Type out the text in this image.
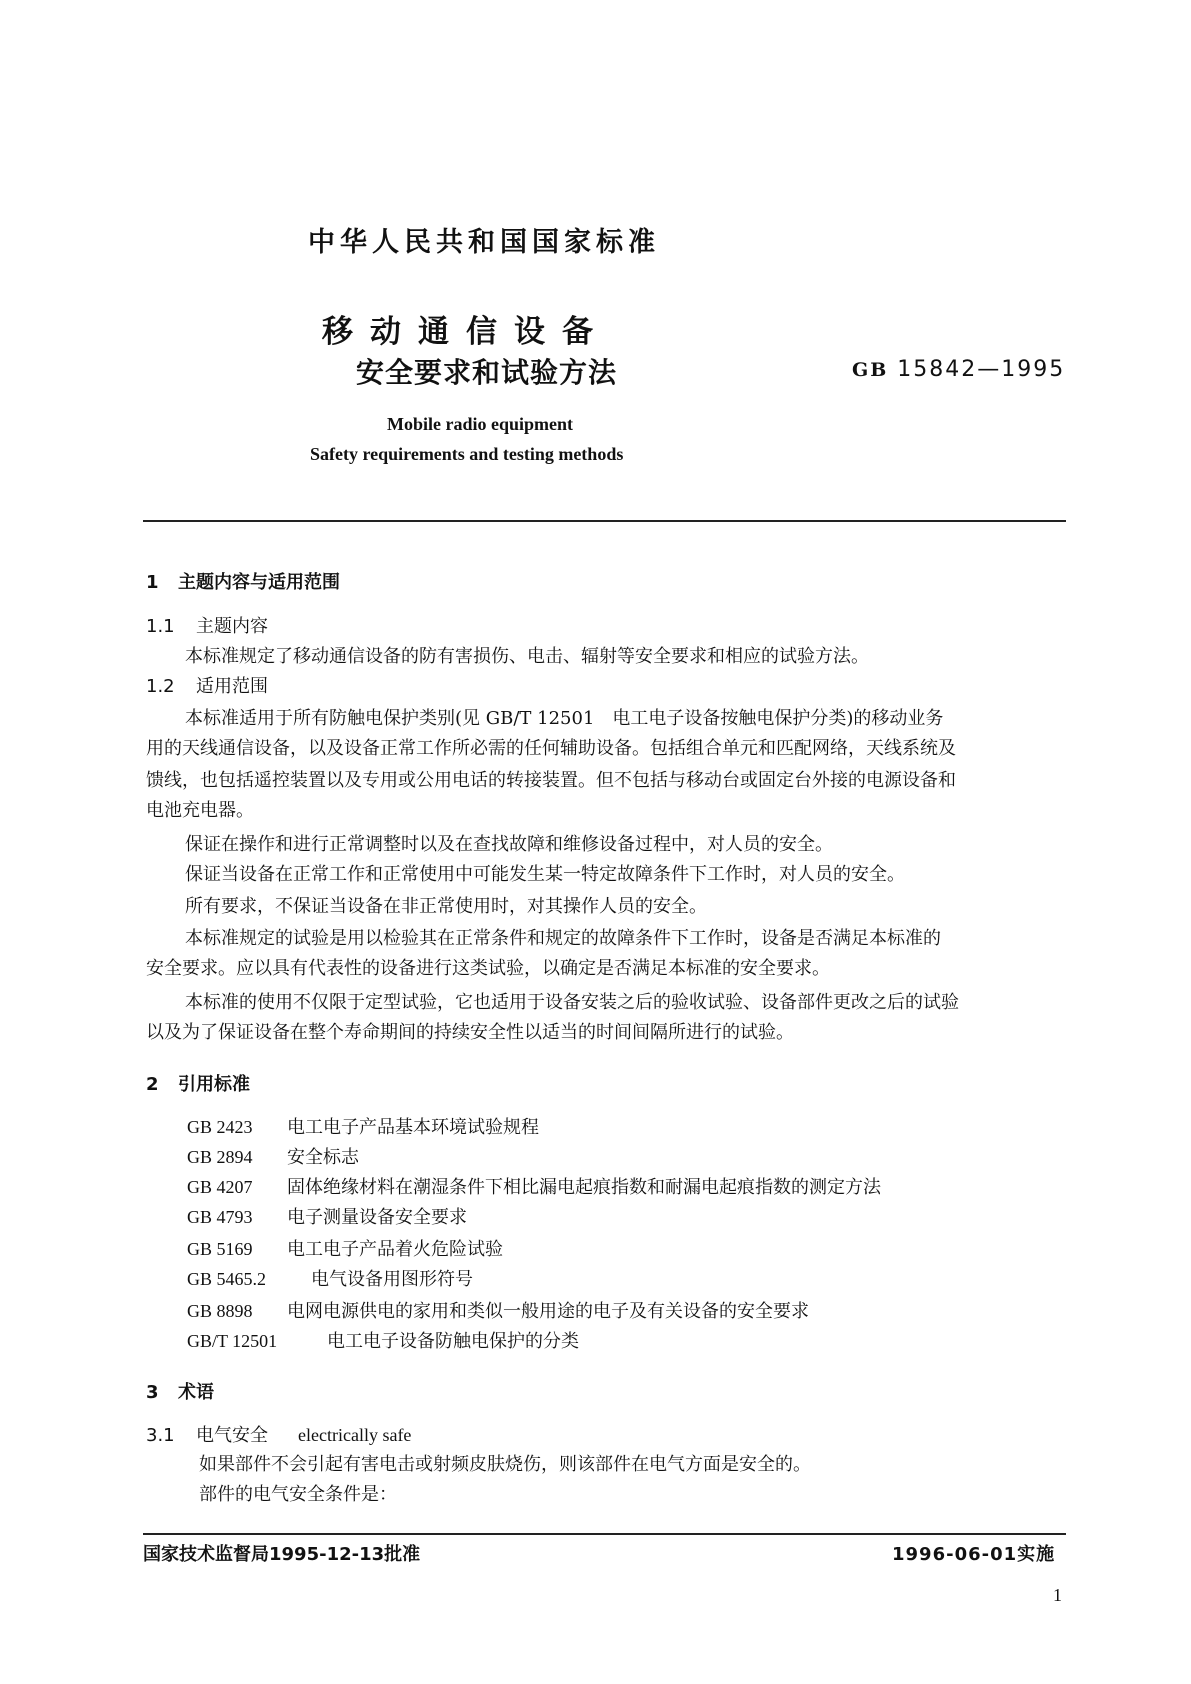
中华人民共和国国家标准
移动通信设备
安全要求和试验方法	GB 15842—1995
Mobile radio equipment
Safety requirements and testing methods
1 主题内容与适用范围
1.1 主题内容
本标准规定了移动通信设备的防有害损伤、电击、辐射等安全要求和相应的试验方法。
1.2 适用范围
本标准适用于所有防触电保护类别(见 GB/T 12501　电工电子设备按触电保护分类)的移动业务
用的天线通信设备，以及设备正常工作所必需的任何辅助设备。包括组合单元和匹配网络，天线系统及
馈线，也包括遥控装置以及专用或公用电话的转接装置。但不包括与移动台或固定台外接的电源设备和
电池充电器。
保证在操作和进行正常调整时以及在查找故障和维修设备过程中，对人员的安全。
保证当设备在正常工作和正常使用中可能发生某一特定故障条件下工作时，对人员的安全。
所有要求，不保证当设备在非正常使用时，对其操作人员的安全。
本标准规定的试验是用以检验其在正常条件和规定的故障条件下工作时，设备是否满足本标准的
安全要求。应以具有代表性的设备进行这类试验，以确定是否满足本标准的安全要求。
本标准的使用不仅限于定型试验，它也适用于设备安装之后的验收试验、设备部件更改之后的试验
以及为了保证设备在整个寿命期间的持续安全性以适当的时间间隔所进行的试验。
2 引用标准
GB 2423 电工电子产品基本环境试验规程
GB 2894 安全标志
GB 4207 固体绝缘材料在潮湿条件下相比漏电起痕指数和耐漏电起痕指数的测定方法
GB 4793 电子测量设备安全要求
GB 5169 电工电子产品着火危险试验
GB 5465.2 电气设备用图形符号
GB 8898 电网电源供电的家用和类似一般用途的电子及有关设备的安全要求
GB/T 12501	电工电子设备防触电保护的分类
3 术语
3.1 电气安全 electrically safe
如果部件不会引起有害电击或射频皮肤烧伤，则该部件在电气方面是安全的。
部件的电气安全条件是：
国家技术监督局1995-12-13批准	1996-06-01实施
1
